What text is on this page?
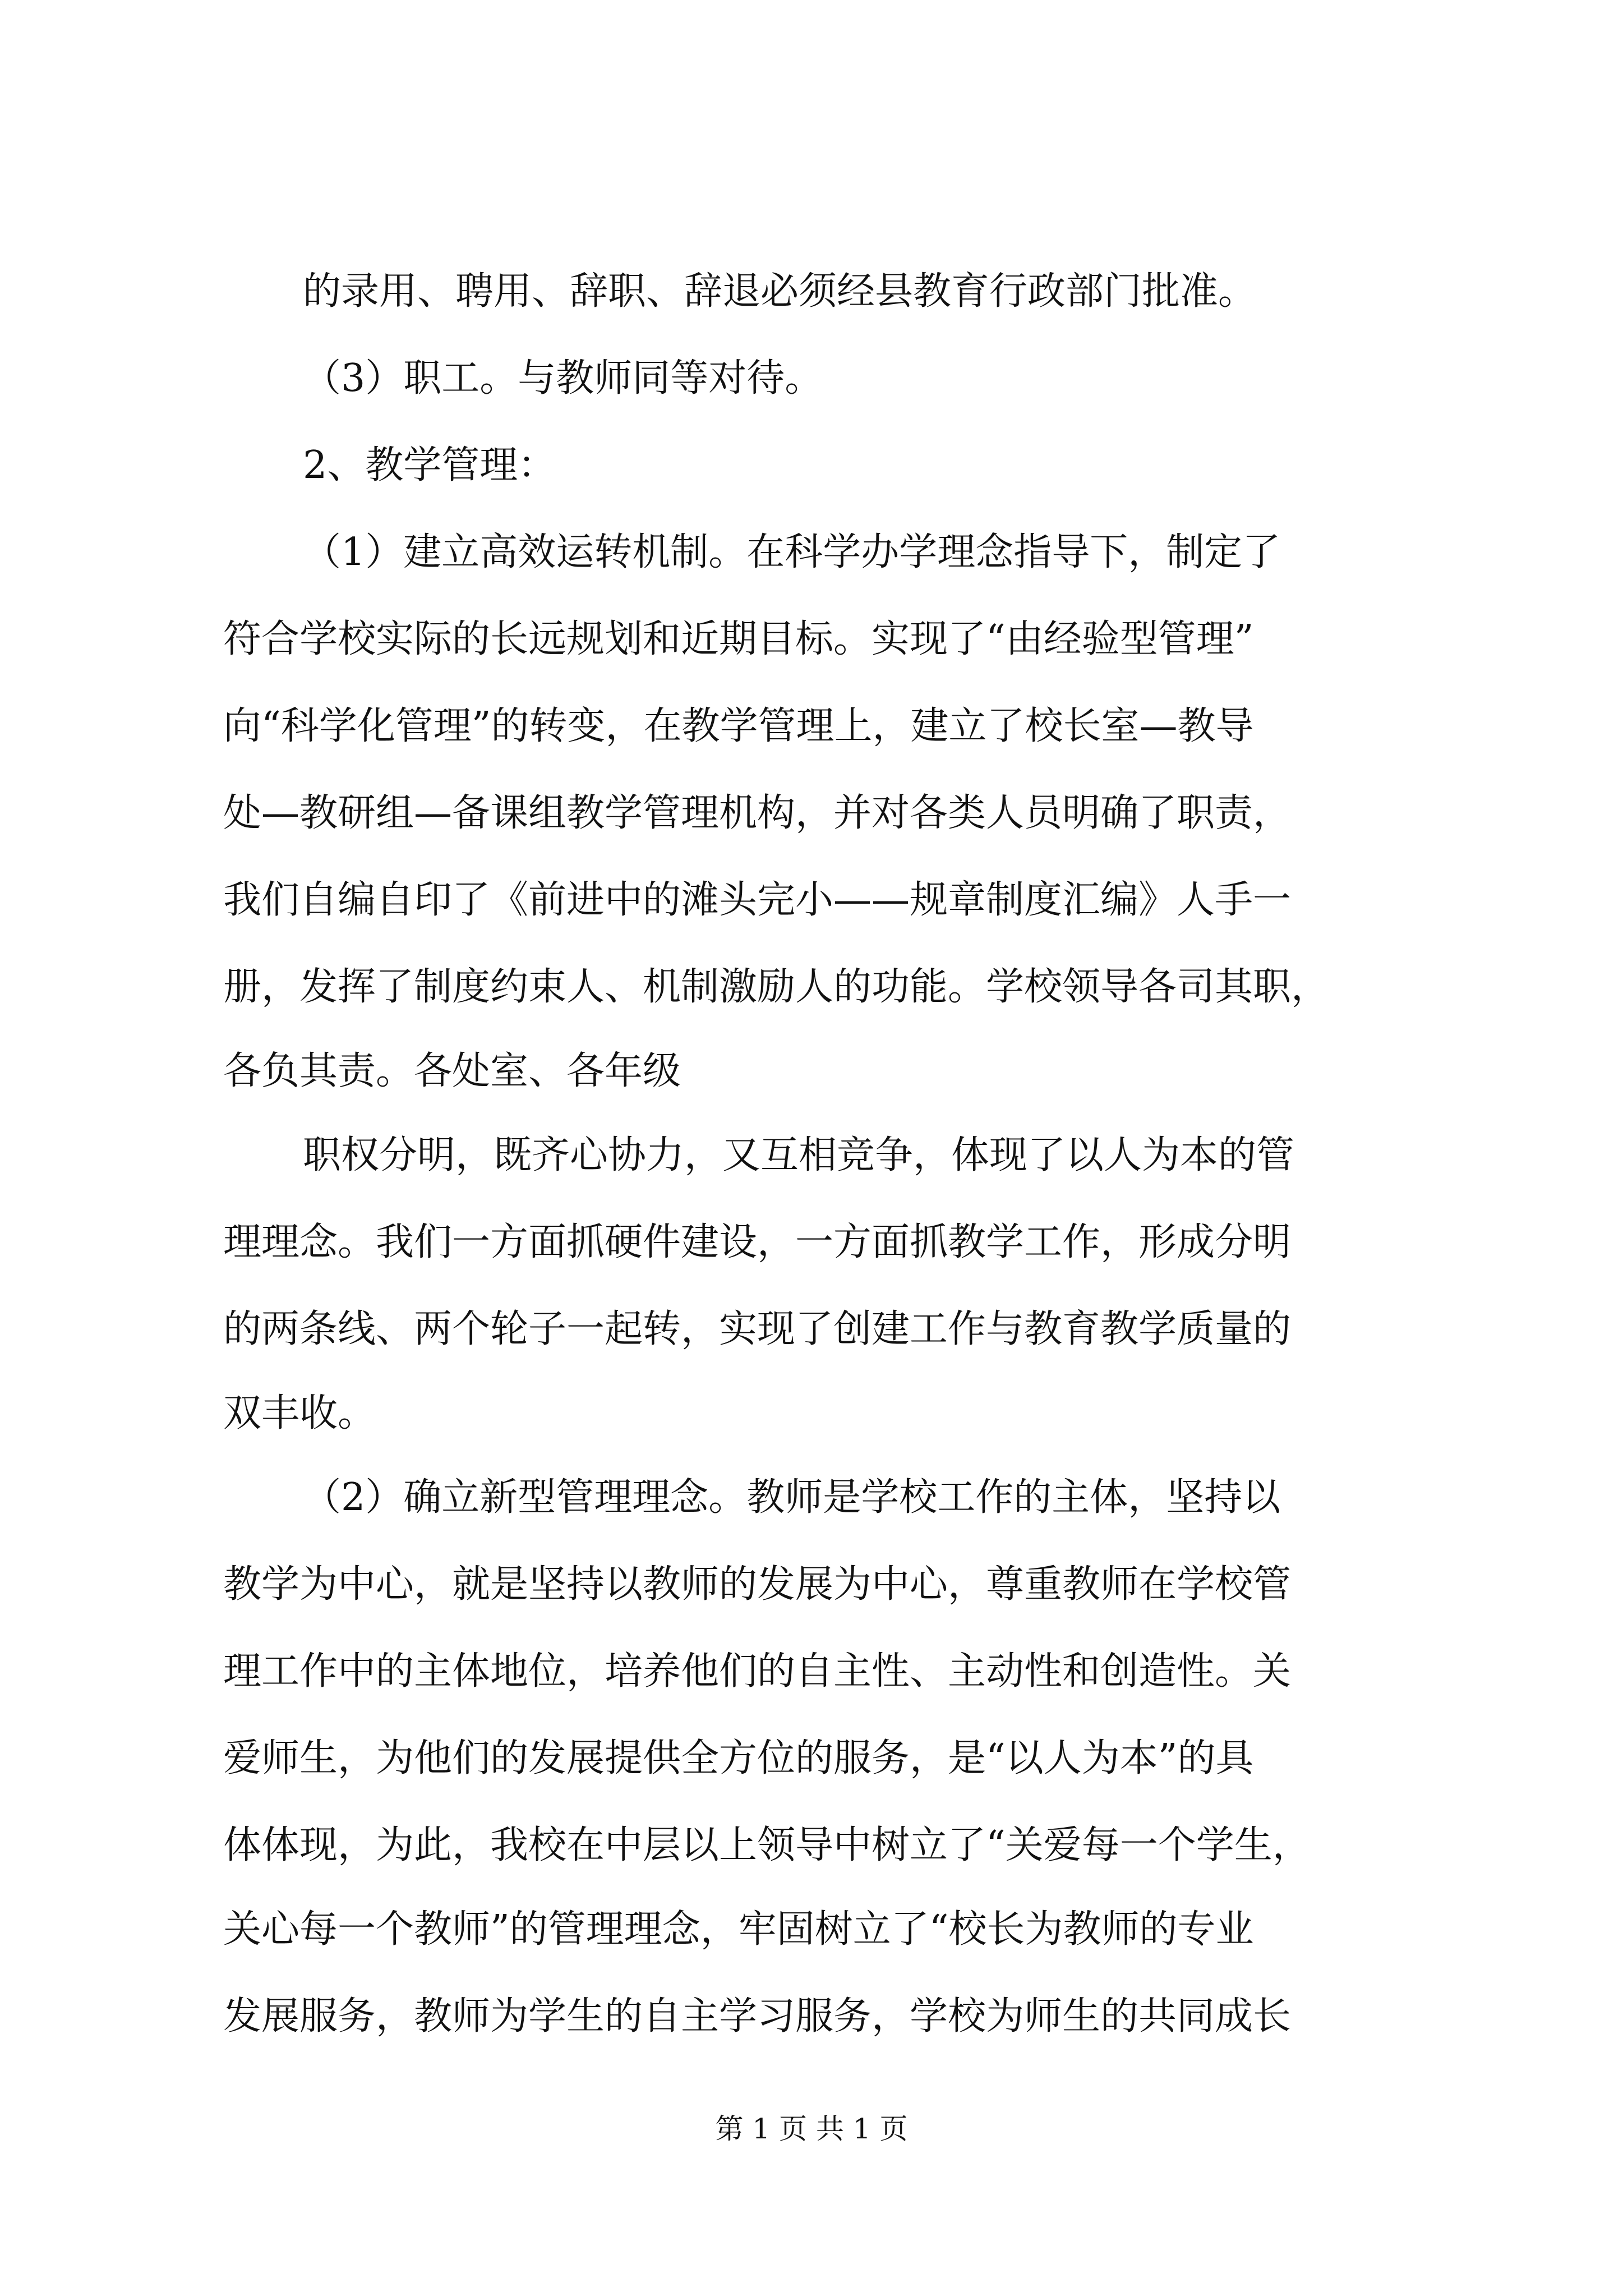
的录用、聘用、辞职、辞退必须经县教育行政部门批准。
（3）职工。与教师同等对待。
2、教学管理：
（1）建立高效运转机制。在科学办学理念指导下，制定了
符合学校实际的长远规划和近期目标。实现了“由经验型管理”
向“科学化管理”的转变，在教学管理上，建立了校长室—教导
处—教研组—备课组教学管理机构，并对各类人员明确了职责，
我们自编自印了《前进中的滩头完小——规章制度汇编》人手一
册，发挥了制度约束人、机制激励人的功能。学校领导各司其职，
各负其责。各处室、各年级
职权分明，既齐心协力，又互相竞争，体现了以人为本的管
理理念。我们一方面抓硬件建设，一方面抓教学工作，形成分明
的两条线、两个轮子一起转，实现了创建工作与教育教学质量的
双丰收。
（2）确立新型管理理念。教师是学校工作的主体，坚持以
教学为中心，就是坚持以教师的发展为中心，尊重教师在学校管
理工作中的主体地位，培养他们的自主性、主动性和创造性。关
爱师生，为他们的发展提供全方位的服务，是“以人为本”的具
体体现，为此，我校在中层以上领导中树立了“关爱每一个学生，
关心每一个教师”的管理理念，牢固树立了“校长为教师的专业
发展服务，教师为学生的自主学习服务，学校为师生的共同成长
第 1 页 共 1 页
